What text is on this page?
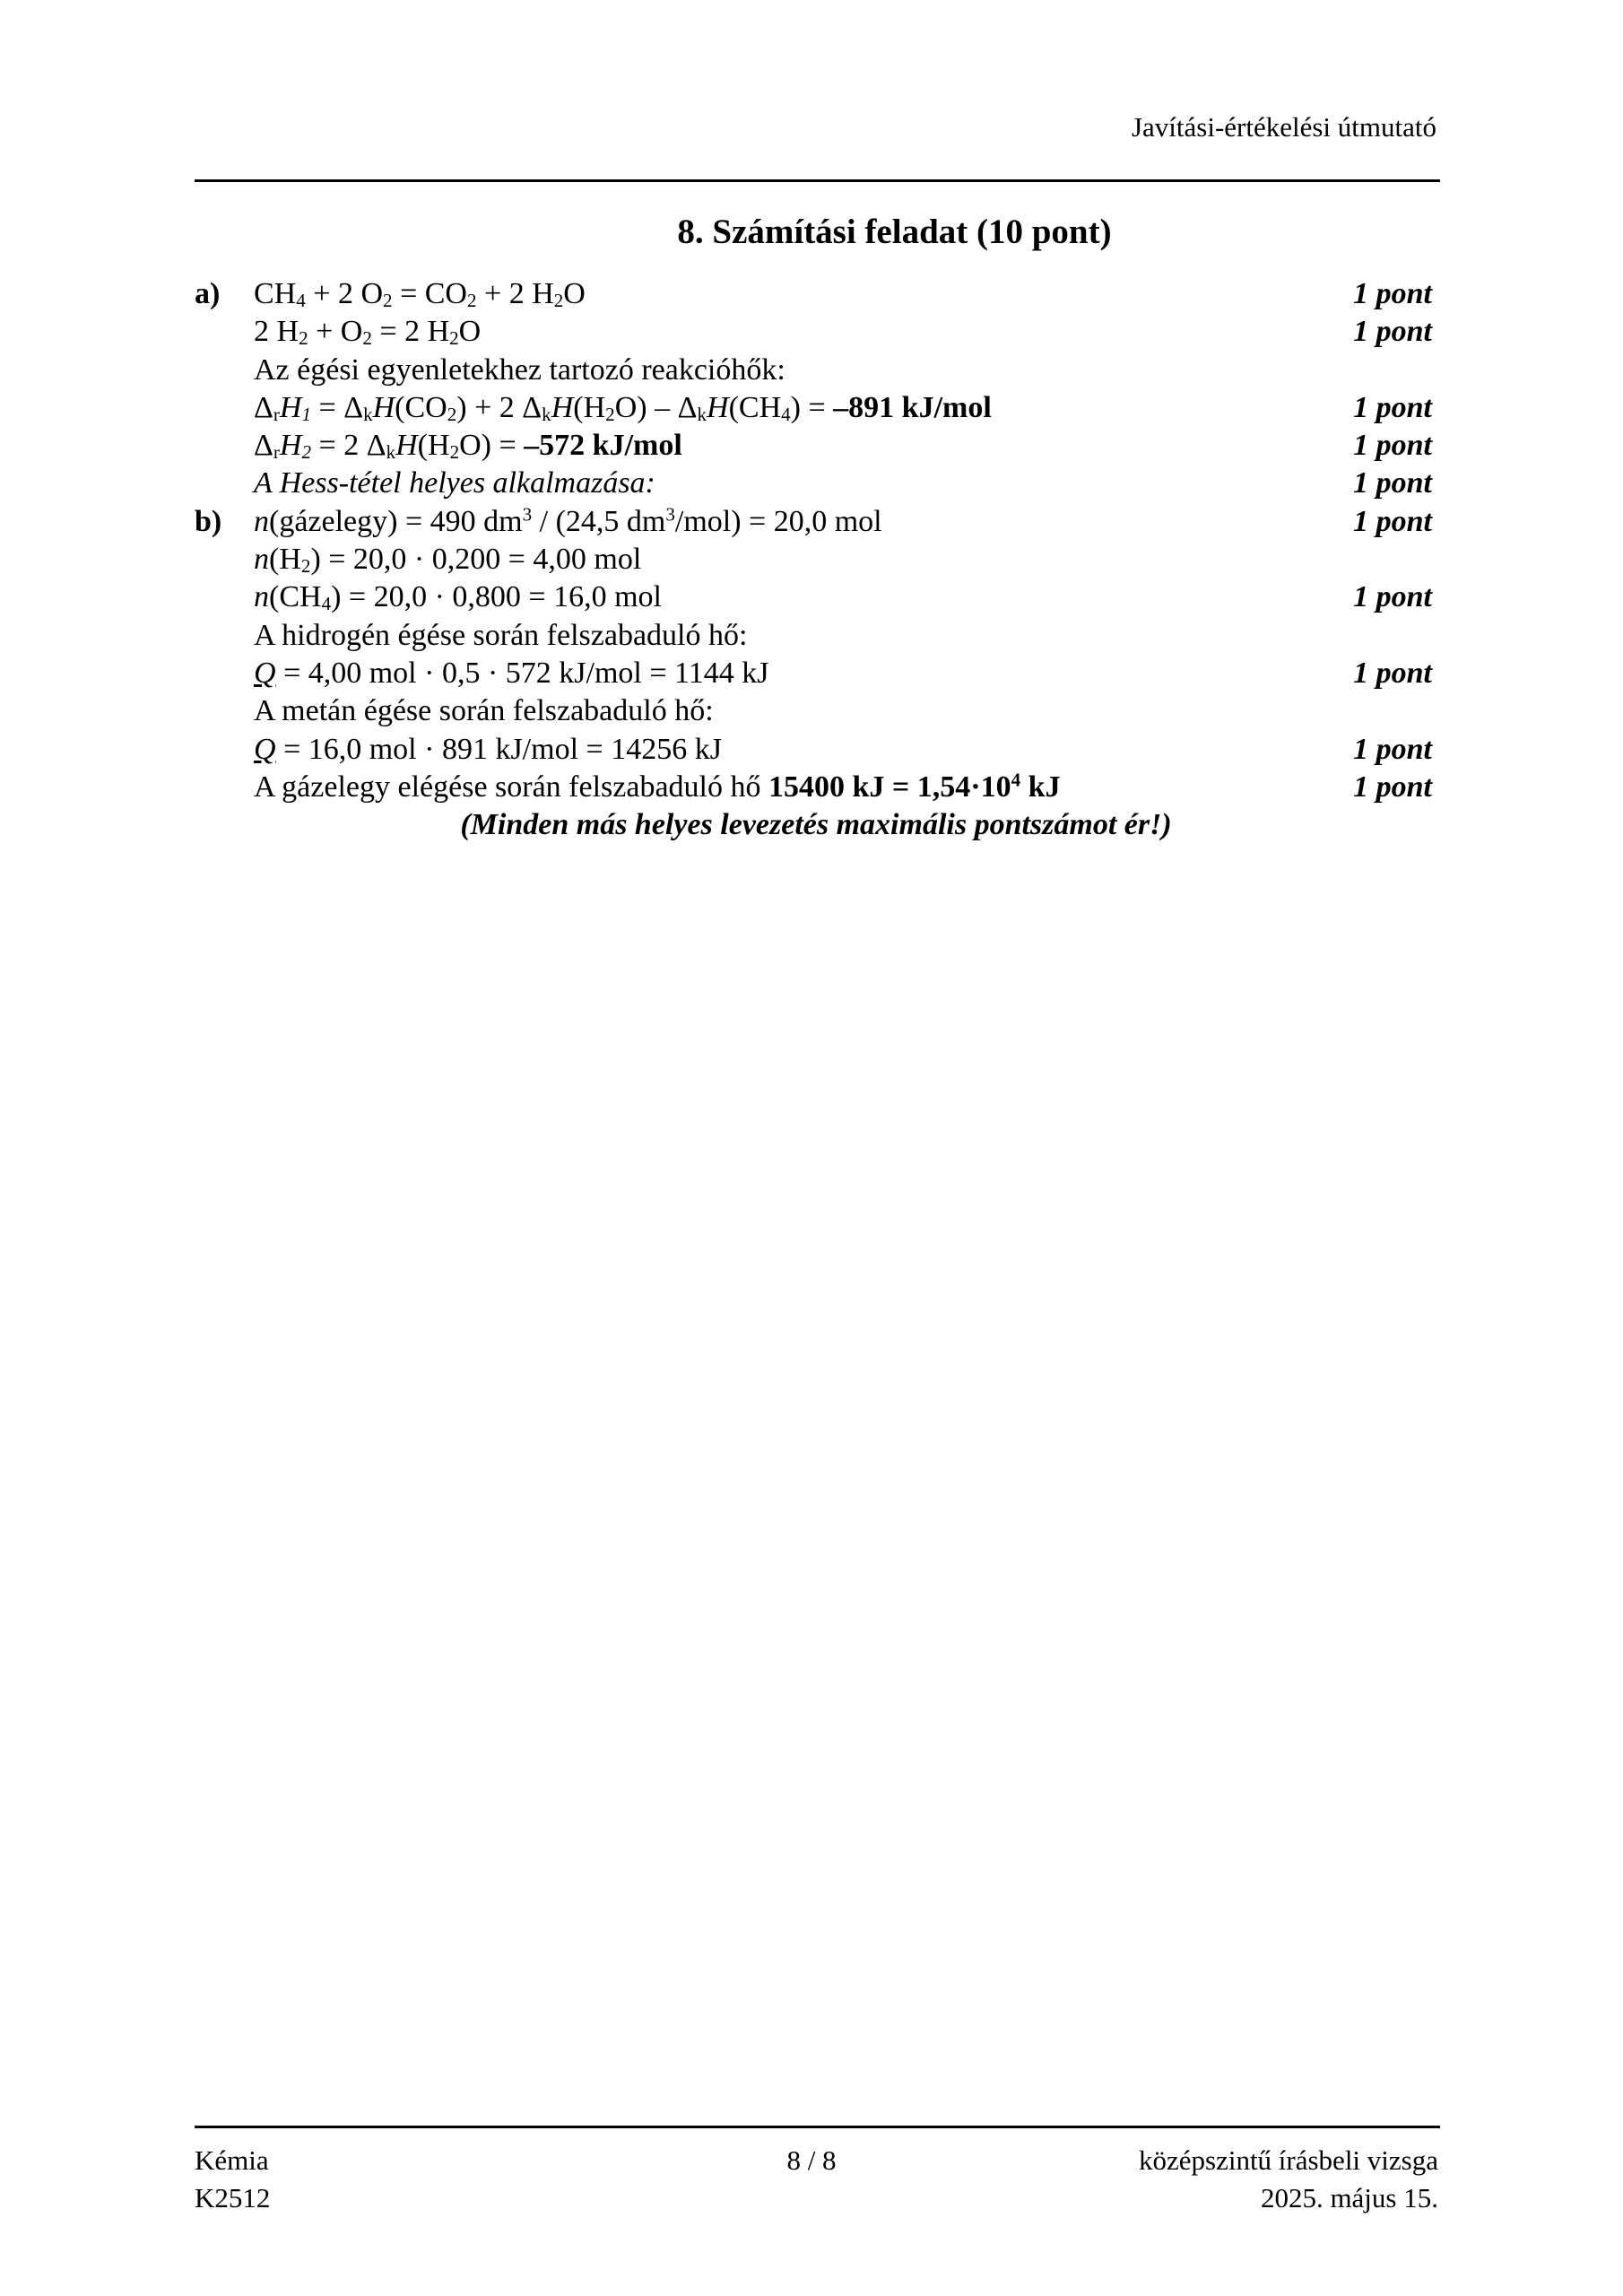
Javítási-értékelési útmutató
8. Számítási feladat (10 pont)
a) $CH_4 + 2$ $O_2 = CO_2 + 2$ $H_2O$	1 pont
2 $H_2 + O_2 = 2$ $H_2O$	1 pont
Az égési egyenletekhez tartozó reakcióhők:
$\Delta_rH_1 = \Delta_kH(CO_2) + 2$ $\Delta_kH(H_2O) - \Delta_kH(CH_4) = -891$ kJ/mol	1 pont
$\Delta_rH_2 = 2$ $\Delta_kH(H_2O) = -572$ kJ/mol	1 pont
A Hess-tétel helyes alkalmazása:	1 pont
b) n(gázelegy) = 490 $dm^3 / (24,5$ $dm^3/mol) = 20,0$ mol	1 pont
$n(H_2) = 20,0 \cdot 0,200 = 4,00$ mol
$n(CH_4) = 20,0 \cdot 0,800 = 16,0$ mol	1 pont
A hidrogén égése során felszabaduló hő:
Q = 4,00 mol · 0,5 · 572 kJ/mol = 1144 kJ	1 pont
A metán égése során felszabaduló hő:
Q = 16,0 mol · 891 kJ/mol = 14256 kJ	1 pont
A gázelegy elégése során felszabaduló hő 15400 kJ = $1,54\cdot 10^4$ kJ	1 pont
(Minden más helyes levezetés maximális pontszámot ér!)
Kémia
K2512
8 / 8	középszintű írásbeli vizsga
2025. május 15.
